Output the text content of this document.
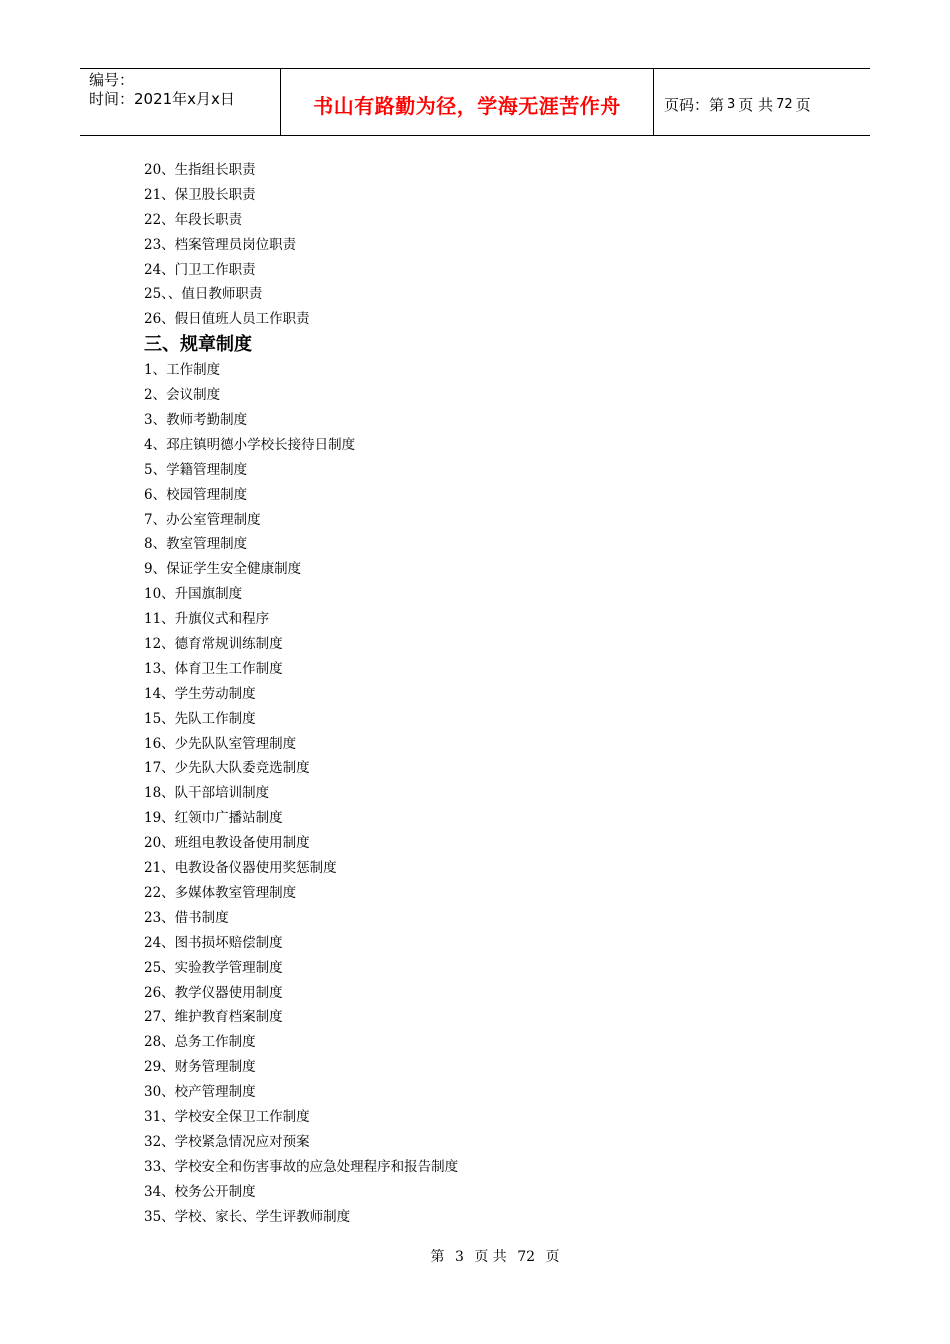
编号：
时间：2021年x月x日	书山有路勤为径，学海无涯苦作舟	页码：第 3 页 共 72 页
20、生指组长职责
21、保卫股长职责
22、年段长职责
23、档案管理员岗位职责
24、门卫工作职责
25、、值日教师职责
26、假日值班人员工作职责
三、规章制度
1、工作制度
2、会议制度
3、教师考勤制度
4、邳庄镇明德小学校长接待日制度
5、学籍管理制度
6、校园管理制度
7、办公室管理制度
8、教室管理制度
9、保证学生安全健康制度
10、升国旗制度
11、升旗仪式和程序
12、德育常规训练制度
13、体育卫生工作制度
14、学生劳动制度
15、先队工作制度
16、少先队队室管理制度
17、少先队大队委竞选制度
18、队干部培训制度
19、红领巾广播站制度
20、班组电教设备使用制度
21、电教设备仪器使用奖惩制度
22、多媒体教室管理制度
23、借书制度
24、图书损坏赔偿制度
25、实验教学管理制度
26、教学仪器使用制度
27、维护教育档案制度
28、总务工作制度
29、财务管理制度
30、校产管理制度
31、学校安全保卫工作制度
32、学校紧急情况应对预案
33、学校安全和伤害事故的应急处理程序和报告制度
34、校务公开制度
35、学校、家长、学生评教师制度
第 3 页 共 72 页
